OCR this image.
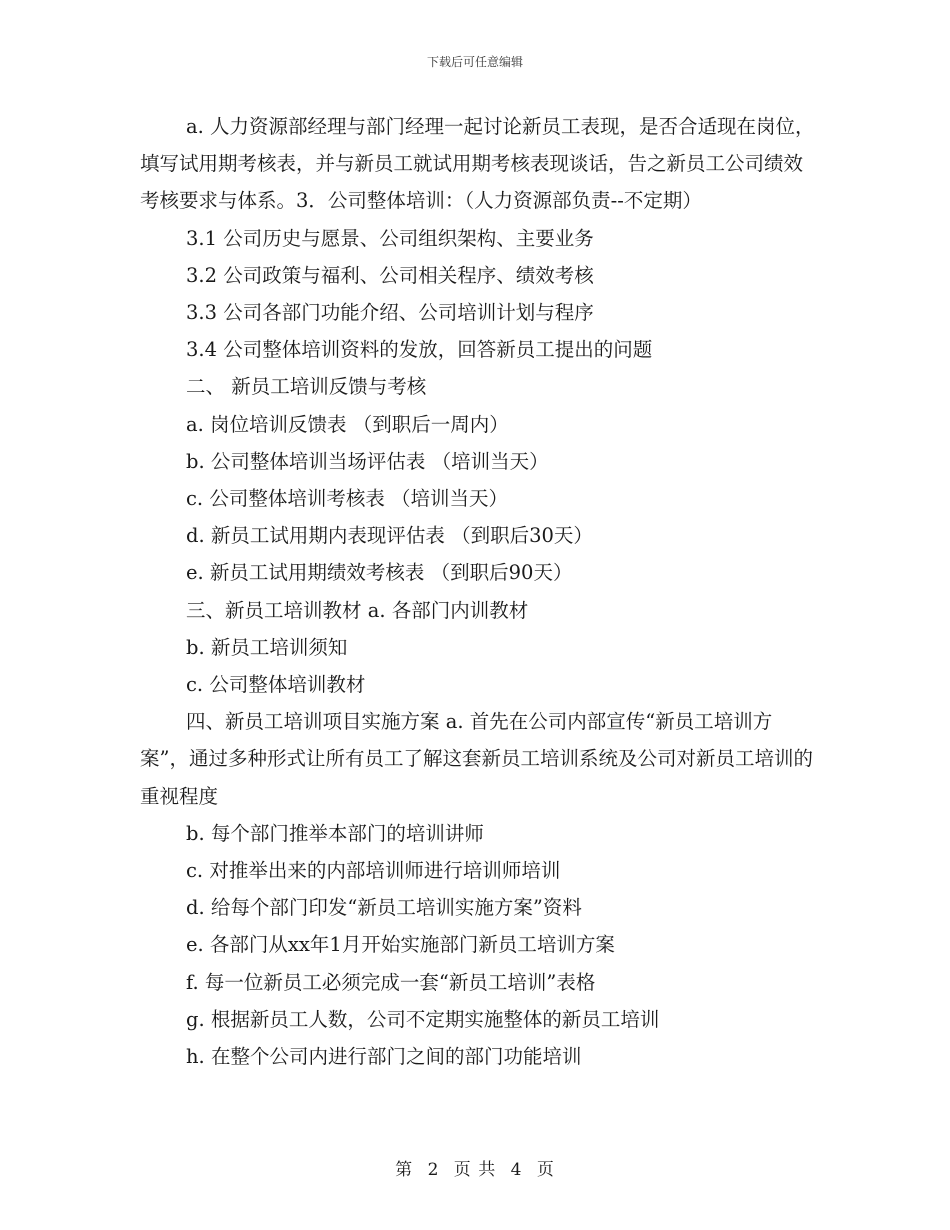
下载后可任意编辑

a. 人力资源部经理与部门经理一起讨论新员工表现，是否合适现在岗位，填写试用期考核表，并与新员工就试用期考核表现谈话，告之新员工公司绩效考核要求与体系。3．公司整体培训：（人力资源部负责--不定期）

3.1 公司历史与愿景、公司组织架构、主要业务

3.2 公司政策与福利、公司相关程序、绩效考核

3.3 公司各部门功能介绍、公司培训计划与程序

3.4 公司整体培训资料的发放，回答新员工提出的问题

二、 新员工培训反馈与考核

a. 岗位培训反馈表 （到职后一周内）

b. 公司整体培训当场评估表 （培训当天）

c. 公司整体培训考核表 （培训当天）

d. 新员工试用期内表现评估表 （到职后30天）

e. 新员工试用期绩效考核表 （到职后90天）

三、新员工培训教材 a. 各部门内训教材

b. 新员工培训须知

c. 公司整体培训教材

四、新员工培训项目实施方案 a. 首先在公司内部宣传“新员工培训方案”，通过多种形式让所有员工了解这套新员工培训系统及公司对新员工培训的重视程度

b. 每个部门推举本部门的培训讲师

c. 对推举出来的内部培训师进行培训师培训

d. 给每个部门印发“新员工培训实施方案”资料

e. 各部门从xx年1月开始实施部门新员工培训方案

f. 每一位新员工必须完成一套“新员工培训”表格

g. 根据新员工人数，公司不定期实施整体的新员工培训

h. 在整个公司内进行部门之间的部门功能培训

第 2 页 共 4 页
